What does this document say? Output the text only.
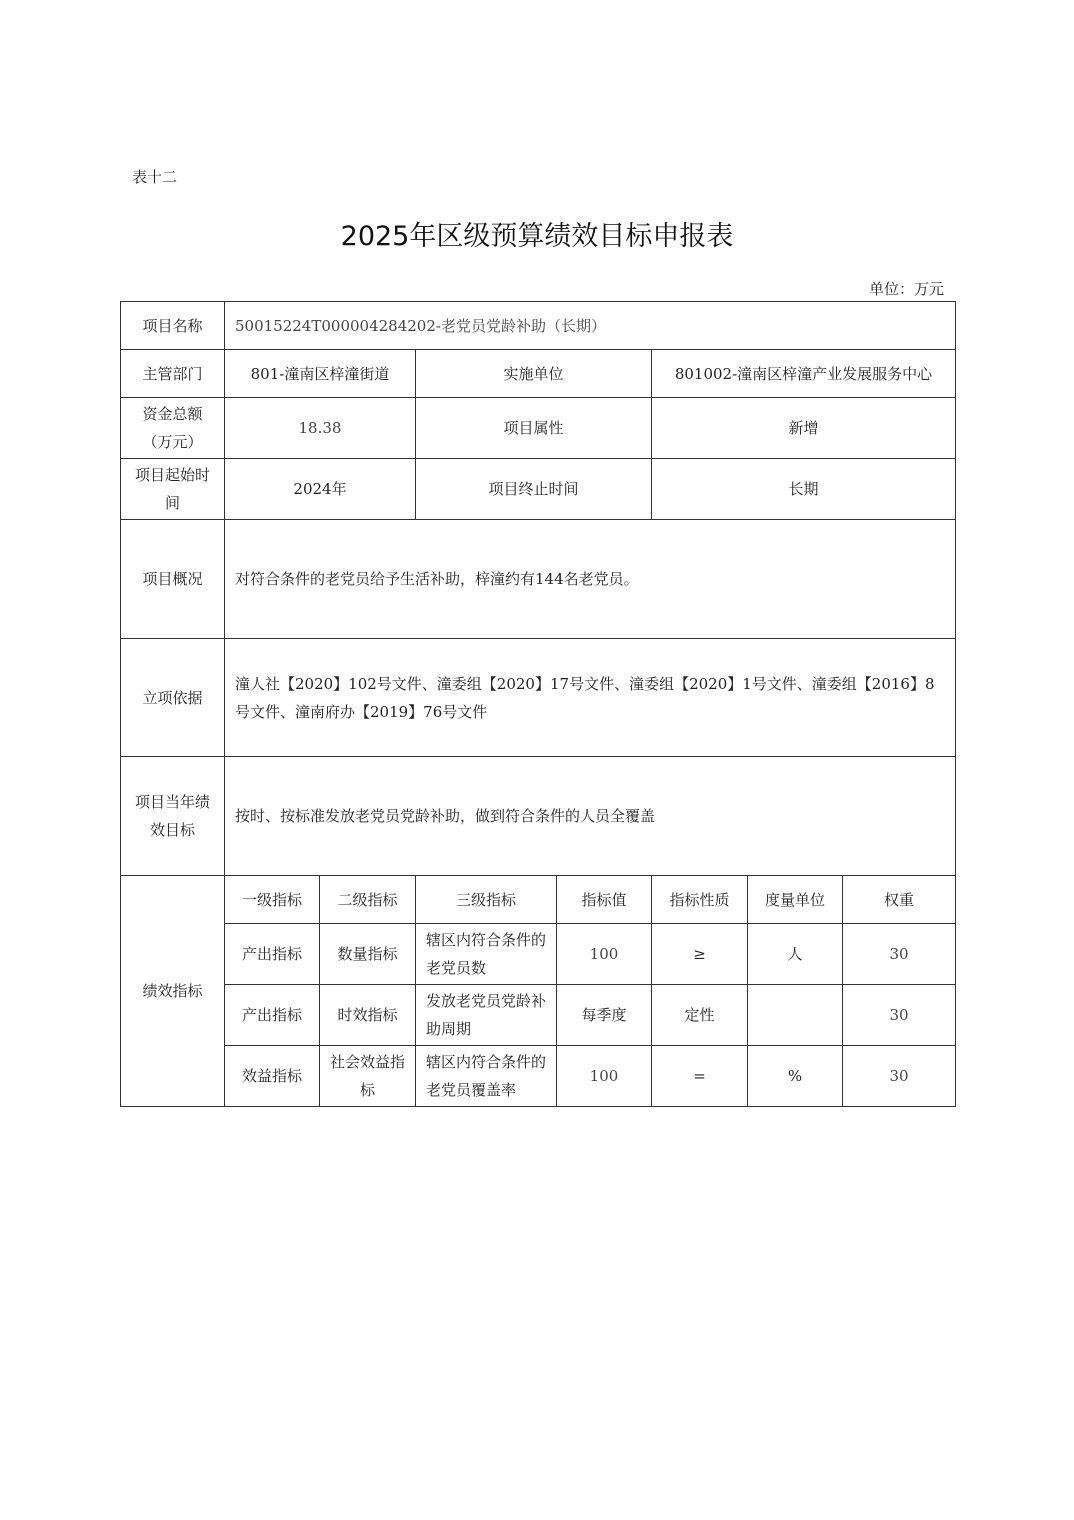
表十二
2025年区级预算绩效目标申报表
单位：万元
项目名称	50015224T000004284202-老党员党龄补助（长期）						
主管部门	801-潼南区梓潼街道		实施单位		801002-潼南区梓潼产业发展服务中心		
资金总额（万元）	18.38		项目属性		新增		
项目起始时间	2024年		项目终止时间		长期		
项目概况	对符合条件的老党员给予生活补助，梓潼约有144名老党员。						
立项依据	潼人社【2020】102号文件、潼委组【2020】17号文件、潼委组【2020】1号文件、潼委组【2016】8号文件、潼南府办【2019】76号文件						
项目当年绩效目标	按时、按标准发放老党员党龄补助，做到符合条件的人员全覆盖						
绩效指标	一级指标	二级指标	三级指标	指标值	指标性质	度量单位	权重
	产出指标	数量指标	辖区内符合条件的老党员数	100	≥	人	30
	产出指标	时效指标	发放老党员党龄补助周期	每季度	定性		30
	效益指标	社会效益指标	辖区内符合条件的老党员覆盖率	100	=	%	30
